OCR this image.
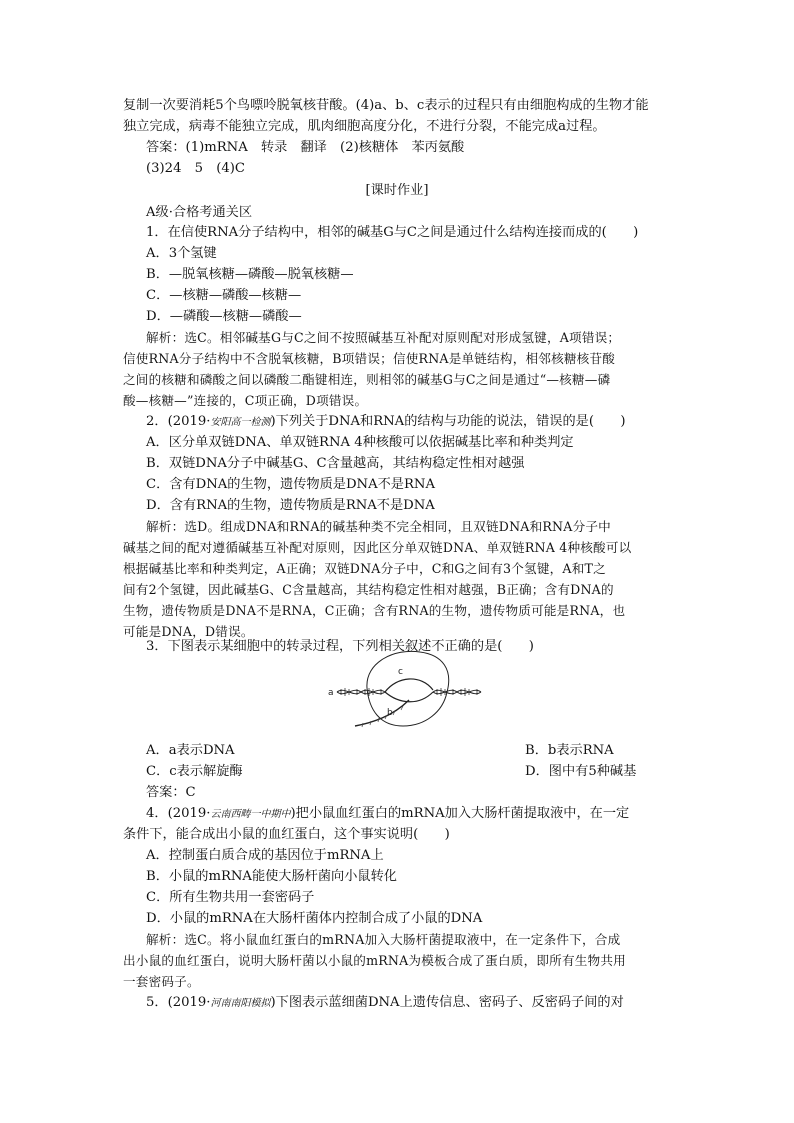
复制一次要消耗5个鸟嘌呤脱氧核苷酸。(4)a、b、c表示的过程只有由细胞构成的生物才能
独立完成，病毒不能独立完成，肌肉细胞高度分化，不进行分裂，不能完成a过程。
答案：(1)mRNA　转录　翻译　(2)核糖体　苯丙氨酸
(3)24　5　(4)C
[课时作业]
A级·合格考通关区
1．在信使RNA分子结构中，相邻的碱基G与C之间是通过什么结构连接而成的(　　)
A．3个氢键
B．—脱氧核糖—磷酸—脱氧核糖—
C．—核糖—磷酸—核糖—
D．—磷酸—核糖—磷酸—
解析：选C。相邻碱基G与C之间不按照碱基互补配对原则配对形成氢键，A项错误；
信使RNA分子结构中不含脱氧核糖，B项错误；信使RNA是单链结构，相邻核糖核苷酸
之间的核糖和磷酸之间以磷酸二酯键相连，则相邻的碱基G与C之间是通过“—核糖—磷
酸—核糖—”连接的，C项正确，D项错误。
2．(2019·安阳高一检测)下列关于DNA和RNA的结构与功能的说法，错误的是(　　)
A．区分单双链DNA、单双链RNA 4种核酸可以依据碱基比率和种类判定
B．双链DNA分子中碱基G、C含量越高，其结构稳定性相对越强
C．含有DNA的生物，遗传物质是DNA不是RNA
D．含有RNA的生物，遗传物质是RNA不是DNA
解析：选D。组成DNA和RNA的碱基种类不完全相同，且双链DNA和RNA分子中
碱基之间的配对遵循碱基互补配对原则，因此区分单双链DNA、单双链RNA 4种核酸可以
根据碱基比率和种类判定，A正确；双链DNA分子中，C和G之间有3个氢键，A和T之
间有2个氢键，因此碱基G、C含量越高，其结构稳定性相对越强，B正确；含有DNA的
生物，遗传物质是DNA不是RNA，C正确；含有RNA的生物，遗传物质可能是RNA，也
可能是DNA，D错误。
3．下图表示某细胞中的转录过程，下列相关叙述不正确的是(　　)
a
b
c
A．a表示DNA	B．b表示RNA
C．c表示解旋酶	D．图中有5种碱基
答案：C
4．(2019·云南西畴一中期中)把小鼠血红蛋白的mRNA加入大肠杆菌提取液中，在一定
条件下，能合成出小鼠的血红蛋白，这个事实说明(　　)
A．控制蛋白质合成的基因位于mRNA上
B．小鼠的mRNA能使大肠杆菌向小鼠转化
C．所有生物共用一套密码子
D．小鼠的mRNA在大肠杆菌体内控制合成了小鼠的DNA
解析：选C。将小鼠血红蛋白的mRNA加入大肠杆菌提取液中，在一定条件下，合成
出小鼠的血红蛋白，说明大肠杆菌以小鼠的mRNA为模板合成了蛋白质，即所有生物共用
一套密码子。
5．(2019·河南南阳模拟)下图表示蓝细菌DNA上遗传信息、密码子、反密码子间的对
